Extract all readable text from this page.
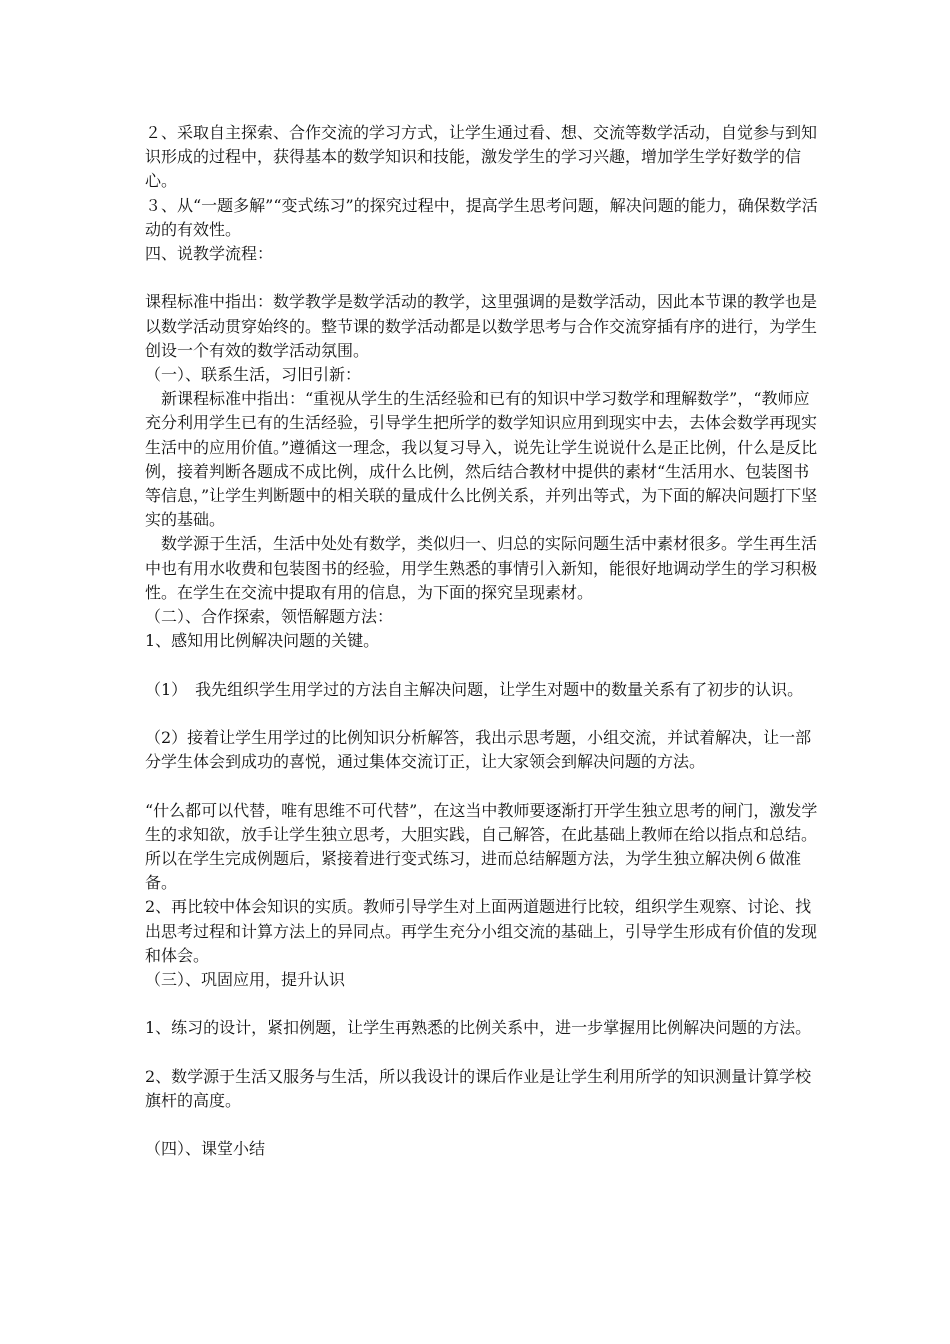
２、采取自主探索、合作交流的学习方式，让学生通过看、想、交流等数学活动，自觉参与到知识形成的过程中，获得基本的数学知识和技能，激发学生的学习兴趣，增加学生学好数学的信心。

３、从“一题多解”“变式练习”的探究过程中，提高学生思考问题，解决问题的能力，确保数学活动的有效性。

四、说教学流程：

课程标准中指出：数学教学是数学活动的教学，这里强调的是数学活动，因此本节课的教学也是以数学活动贯穿始终的。整节课的数学活动都是以数学思考与合作交流穿插有序的进行，为学生创设一个有效的数学活动氛围。

（一）、联系生活，习旧引新：

新课程标准中指出：“重视从学生的生活经验和已有的知识中学习数学和理解数学”，“教师应充分利用学生已有的生活经验，引导学生把所学的数学知识应用到现实中去，去体会数学再现实生活中的应用价值。”遵循这一理念，我以复习导入，说先让学生说说什么是正比例，什么是反比例，接着判断各题成不成比例，成什么比例，然后结合教材中提供的素材“生活用水、包装图书等信息，”让学生判断题中的相关联的量成什么比例关系，并列出等式，为下面的解决问题打下坚实的基础。

数学源于生活，生活中处处有数学，类似归一、归总的实际问题生活中素材很多。学生再生活中也有用水收费和包装图书的经验，用学生熟悉的事情引入新知，能很好地调动学生的学习积极性。在学生在交流中提取有用的信息，为下面的探究呈现素材。

（二）、合作探索，领悟解题方法：

1、感知用比例解决问题的关键。

（1）　我先组织学生用学过的方法自主解决问题，让学生对题中的数量关系有了初步的认识。

（2）接着让学生用学过的比例知识分析解答，我出示思考题，小组交流，并试着解决，让一部分学生体会到成功的喜悦，通过集体交流订正，让大家领会到解决问题的方法。

“什么都可以代替，唯有思维不可代替”，在这当中教师要逐渐打开学生独立思考的闸门，激发学生的求知欲，放手让学生独立思考，大胆实践，自己解答，在此基础上教师在给以指点和总结。所以在学生完成例题后，紧接着进行变式练习，进而总结解题方法，为学生独立解决例６做准备。

2、再比较中体会知识的实质。教师引导学生对上面两道题进行比较，组织学生观察、讨论、找出思考过程和计算方法上的异同点。再学生充分小组交流的基础上，引导学生形成有价值的发现和体会。

（三）、巩固应用，提升认识

1、练习的设计，紧扣例题，让学生再熟悉的比例关系中，进一步掌握用比例解决问题的方法。

2、数学源于生活又服务与生活，所以我设计的课后作业是让学生利用所学的知识测量计算学校旗杆的高度。

（四）、课堂小结
